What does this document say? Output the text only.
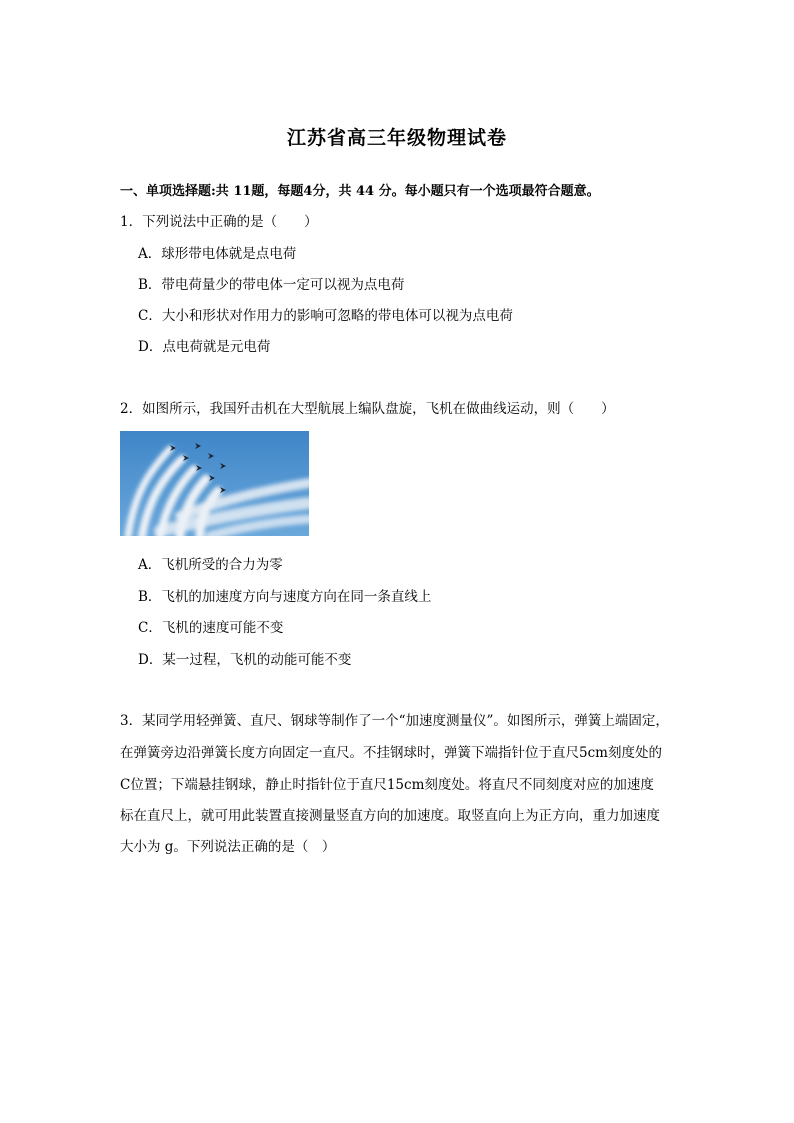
江苏省高三年级物理试卷
一、单项选择题:共 11题，每题4分，共 44 分。每小题只有一个选项最符合题意。
1．下列说法中正确的是（　　）
A．球形带电体就是点电荷
B．带电荷量少的带电体一定可以视为点电荷
C．大小和形状对作用力的影响可忽略的带电体可以视为点电荷
D．点电荷就是元电荷
2．如图所示，我国歼击机在大型航展上编队盘旋，飞机在做曲线运动，则（　　）
A．飞机所受的合力为零
B．飞机的加速度方向与速度方向在同一条直线上
C．飞机的速度可能不变
D．某一过程，飞机的动能可能不变
3．某同学用轻弹簧、直尺、钢球等制作了一个“加速度测量仪”。如图所示，弹簧上端固定，
在弹簧旁边沿弹簧长度方向固定一直尺。不挂钢球时，弹簧下端指针位于直尺5cm刻度处的
C位置；下端悬挂钢球，静止时指针位于直尺15cm刻度处。将直尺不同刻度对应的加速度
标在直尺上，就可用此装置直接测量竖直方向的加速度。取竖直向上为正方向，重力加速度
大小为 g。下列说法正确的是（　）
